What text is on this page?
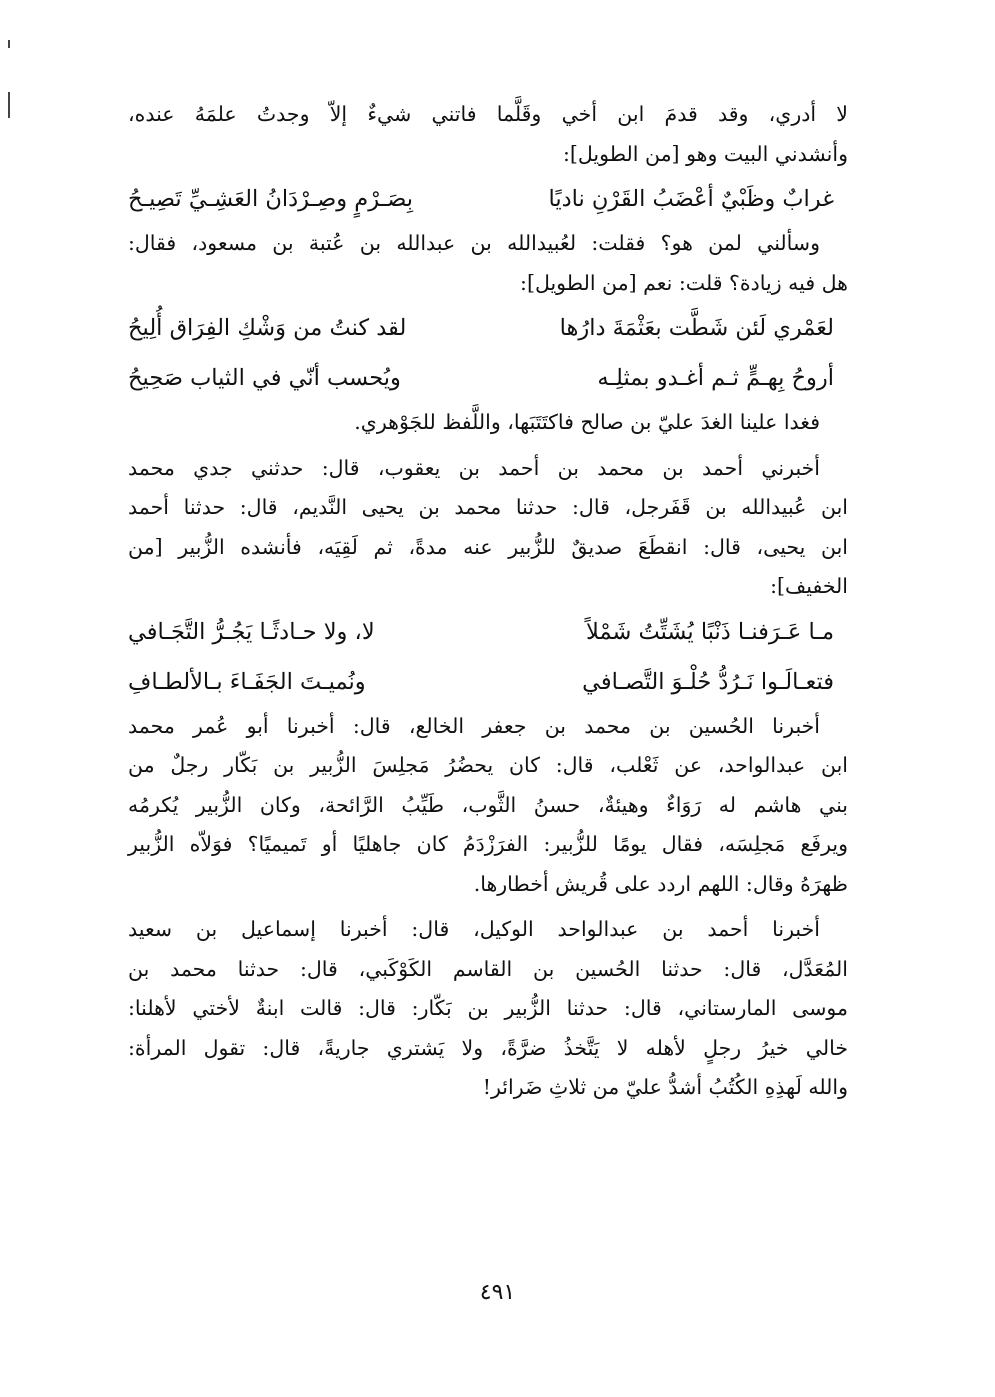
لا أدري، وقد قدمَ ابن أخي وقَلَّما فاتني شيءٌ إلاّ وجدتُ علمَهُ عنده،
وأنشدني البيت وهو [من الطويل]:
غرابٌ وظَبْيٌ أعْضَبُ القَرْنِ ناديًا
بِصَـرْمٍ وصِـرْدَانُ العَشِـيِّ تَصِيـحُ
وسألني لمن هو؟ فقلت: لعُبيدالله بن عبدالله بن عُتبة بن مسعود، فقال:
هل فيه زيادة؟ قلت: نعم [من الطويل]:
لعَمْري لَئن شَطَّت بعَثْمَةَ دارُها
لقد كنتُ من وَشْكِ الفِرَاق أُلِيحُ
أروحُ بِهـمٍّ ثـم أغـدو بمثلِـه
ويُحسب أنّي في الثياب صَحِيحُ
فغدا علينا الغدَ عليّ بن صالح فاكتَتَبَها، واللَّفظ للجَوْهري.
أخبرني أحمد بن محمد بن أحمد بن يعقوب، قال: حدثني جدي محمد
ابن عُبيدالله بن قَفَرجل، قال: حدثنا محمد بن يحيى النَّديم، قال: حدثنا أحمد
ابن يحيى، قال: انقطَعَ صديقٌ للزُّبير عنه مدةً، ثم لَقِيَه، فأنشده الزُّبير [من
الخفيف]:
مـا عَـرَفنـا ذَنْبًا يُشَتِّتُ شَمْلاً
لا، ولا حـادثًـا يَجُـرُّ التَّجَـافي
فتعـالَـوا نَـرُدُّ حُلْـوَ التَّصـافي
ونُميـتَ الجَفَـاءَ بـالألطـافِ
أخبرنا الحُسين بن محمد بن جعفر الخالع، قال: أخبرنا أبو عُمر محمد
ابن عبدالواحد، عن ثَعْلب، قال: كان يحضُرُ مَجلِسَ الزُّبير بن بَكّار رجلٌ من
بني هاشم له رَوَاءٌ وهيئةٌ، حسنُ الثَّوب، طَيِّبُ الرَّائحة، وكان الزُّبير يُكرمُه
ويرفَع مَجلِسَه، فقال يومًا للزُّبير: الفرَزْدَمُ كان جاهليًا أو تَميميًا؟ فوَلاّه الزُّبير
ظهرَهُ وقال: اللهم اردد على قُريش أخطارها.
أخبرنا أحمد بن عبدالواحد الوكيل، قال: أخبرنا إسماعيل بن سعيد
المُعَدَّل، قال: حدثنا الحُسين بن القاسم الكَوْكَبي، قال: حدثنا محمد بن
موسى المارستاني، قال: حدثنا الزُّبير بن بَكّار: قال: قالت ابنةٌ لأختي لأهلنا:
خالي خيرُ رجلٍ لأهله لا يَتَّخذُ ضرَّةً، ولا يَشتري جاريةً، قال: تقول المرأة:
والله لَهذِهِ الكُتُبُ أشدُّ عليّ من ثلاثِ ضَرائر!
٤٩١
